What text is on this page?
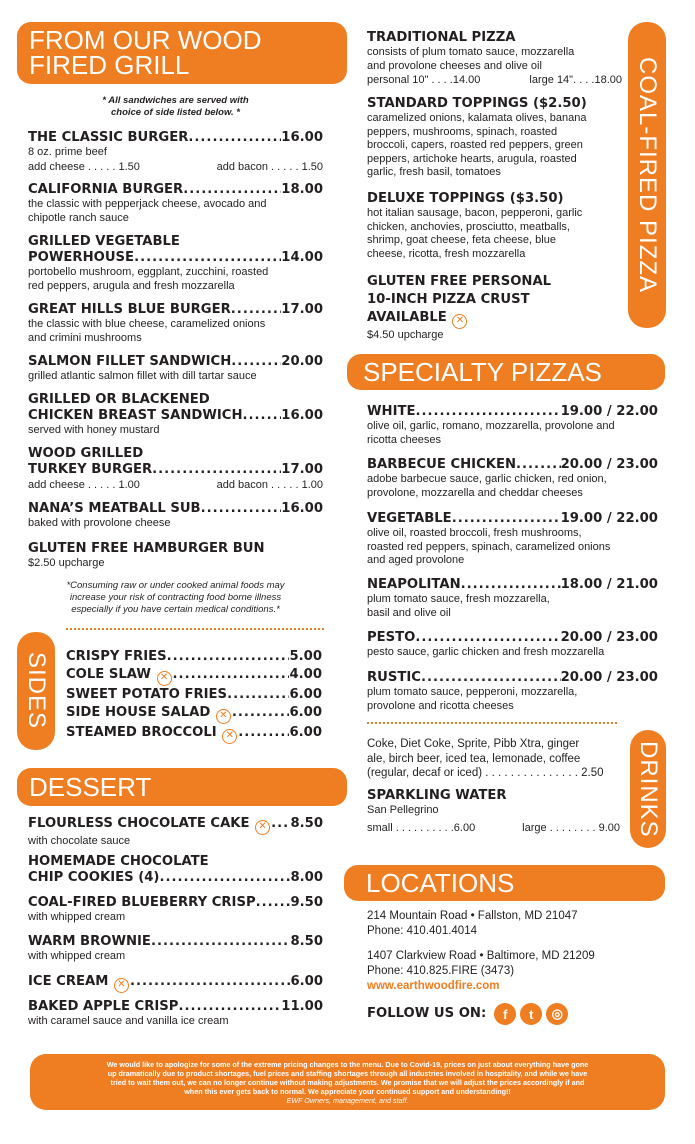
FROM OUR WOOD
FIRED GRILL
* All sandwiches are served with
choice of side listed below. *
THE CLASSIC BURGER .....	16.00
8 oz. prime beef
add cheese . . . . . 1.50	add bacon . . . . . 1.50
CALIFORNIA BURGER .....	18.00
the classic with pepperjack cheese, avocado and
chipotle ranch sauce
GRILLED VEGETABLE
POWERHOUSE .....	14.00
portobello mushroom, eggplant, zucchini, roasted
red peppers, arugula and fresh mozzarella
GREAT HILLS BLUE BURGER .....	17.00
the classic with blue cheese, caramelized onions
and crimini mushrooms
SALMON FILLET SANDWICH .....	20.00
grilled atlantic salmon fillet with dill tartar sauce
GRILLED OR BLACKENED
CHICKEN BREAST SANDWICH .....	16.00
served with honey mustard
WOOD GRILLED
TURKEY BURGER .....	17.00
add cheese . . . . . 1.00	add bacon . . . . . 1.00
NANA’S MEATBALL SUB .....	16.00
baked with provolone cheese
GLUTEN FREE HAMBURGER BUN
$2.50 upcharge
*Consuming raw or under cooked animal foods may
increase your risk of contracting food borne illness
especially if you have certain medical conditions.*
SIDES CRISPY FRIES .....	5.00
COLE SLAW ✕ .....	4.00
SWEET POTATO FRIES .....	6.00
SIDE HOUSE SALAD ✕ .....	6.00
STEAMED BROCCOLI ✕ .....	6.00
DESSERT
FLOURLESS CHOCOLATE CAKE ✕ .....	8.50
with chocolate sauce
HOMEMADE CHOCOLATE
CHIP COOKIES (4) .....	8.00
COAL-FIRED BLUEBERRY CRISP .....	9.50
with whipped cream
WARM BROWNIE .....	8.50
with whipped cream
ICE CREAM ✕ .....	6.00
BAKED APPLE CRISP .....	11.00
with caramel sauce and vanilla ice cream
COAL-FIRED PIZZA
TRADITIONAL PIZZA
consists of plum tomato sauce, mozzarella
and provolone cheeses and olive oil
personal 10" . . . .14.00	large 14". . . .18.00
STANDARD TOPPINGS ($2.50)
caramelized onions, kalamata olives, banana
peppers, mushrooms, spinach, roasted
broccoli, capers, roasted red peppers, green
peppers, artichoke hearts, arugula, roasted
garlic, fresh basil, tomatoes
DELUXE TOPPINGS ($3.50)
hot italian sausage, bacon, pepperoni, garlic
chicken, anchovies, prosciutto, meatballs,
shrimp, goat cheese, feta cheese, blue
cheese, ricotta, fresh mozzarella
GLUTEN FREE PERSONAL
10-INCH PIZZA CRUST
AVAILABLE ✕
$4.50 upcharge
SPECIALTY PIZZAS
WHITE .....	19.00 / 22.00
olive oil, garlic, romano, mozzarella, provolone and
ricotta cheeses
BARBECUE CHICKEN .....	20.00 / 23.00
adobe barbecue sauce, garlic chicken, red onion,
provolone, mozzarella and cheddar cheeses
VEGETABLE .....	19.00 / 22.00
olive oil, roasted broccoli, fresh mushrooms,
roasted red peppers, spinach, caramelized onions
and aged provolone
NEAPOLITAN .....	18.00 / 21.00
plum tomato sauce, fresh mozzarella,
basil and olive oil
PESTO .....	20.00 / 23.00
pesto sauce, garlic chicken and fresh mozzarella
RUSTIC .....	20.00 / 23.00
plum tomato sauce, pepperoni, mozzarella,
provolone and ricotta cheeses
DRINKS
Coke, Diet Coke, Sprite, Pibb Xtra, ginger
ale, birch beer, iced tea, lemonade, coffee
(regular, decaf or iced) . . . . . . . . . . . . . . . 2.50
SPARKLING WATER
San Pellegrino
small . . . . . . . . . .6.00	large . . . . . . . . 9.00
LOCATIONS
214 Mountain Road • Fallston, MD 21047
Phone: 410.401.4014
1407 Clarkview Road • Baltimore, MD 21209
Phone: 410.825.FIRE (3473)
www.earthwoodfire.com
FOLLOW US ON:	f	t	◎
We would like to apologize for some of the extreme pricing changes to the menu. Due to Covid-19, prices on just about everything have gone
up dramatically due to product shortages, fuel prices and staffing shortages through all industries involved in hospitality, and while we have
tried to wait them out, we can no longer continue without making adjustments. We promise that we will adjust the prices accordingly if and
when this ever gets back to normal. We appreciate your continued support and understanding!!
EWF Owners, management, and staff.
